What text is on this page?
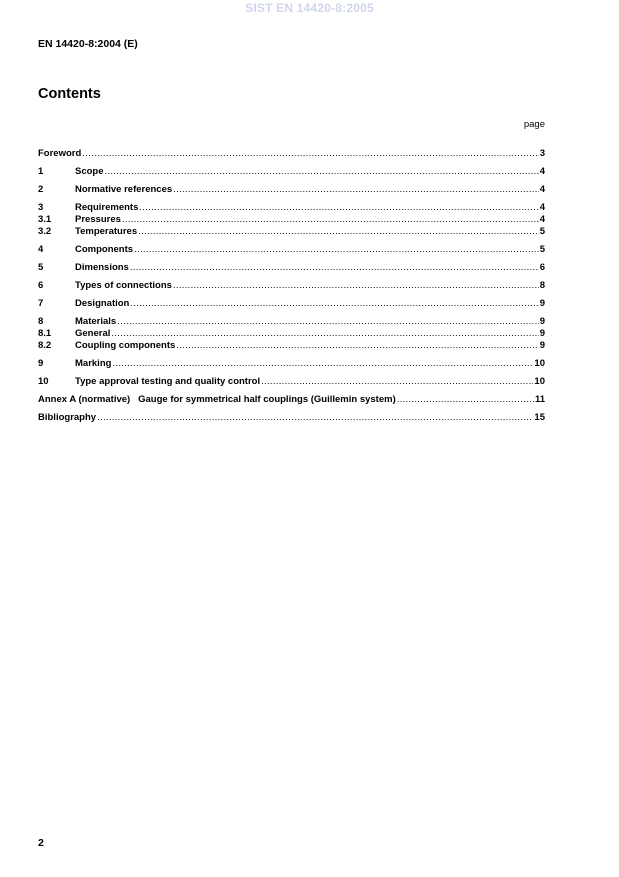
SIST EN 14420-8:2005
EN 14420-8:2004 (E)
Contents
page
Foreword .....	3
1	Scope .....	4
2	Normative references .....	4
3	Requirements .....	4
3.1	Pressures .....	4
3.2	Temperatures .....	5
4	Components .....	5
5	Dimensions .....	6
6	Types of connections .....	8
7	Designation .....	9
8	Materials .....	9
8.1	General .....	9
8.2	Coupling components .....	9
9	Marking .....	10
10	Type approval testing and quality control .....	10
Annex A (normative)   Gauge for symmetrical half couplings (Guillemin system) .....	11
Bibliography .....	15
2
